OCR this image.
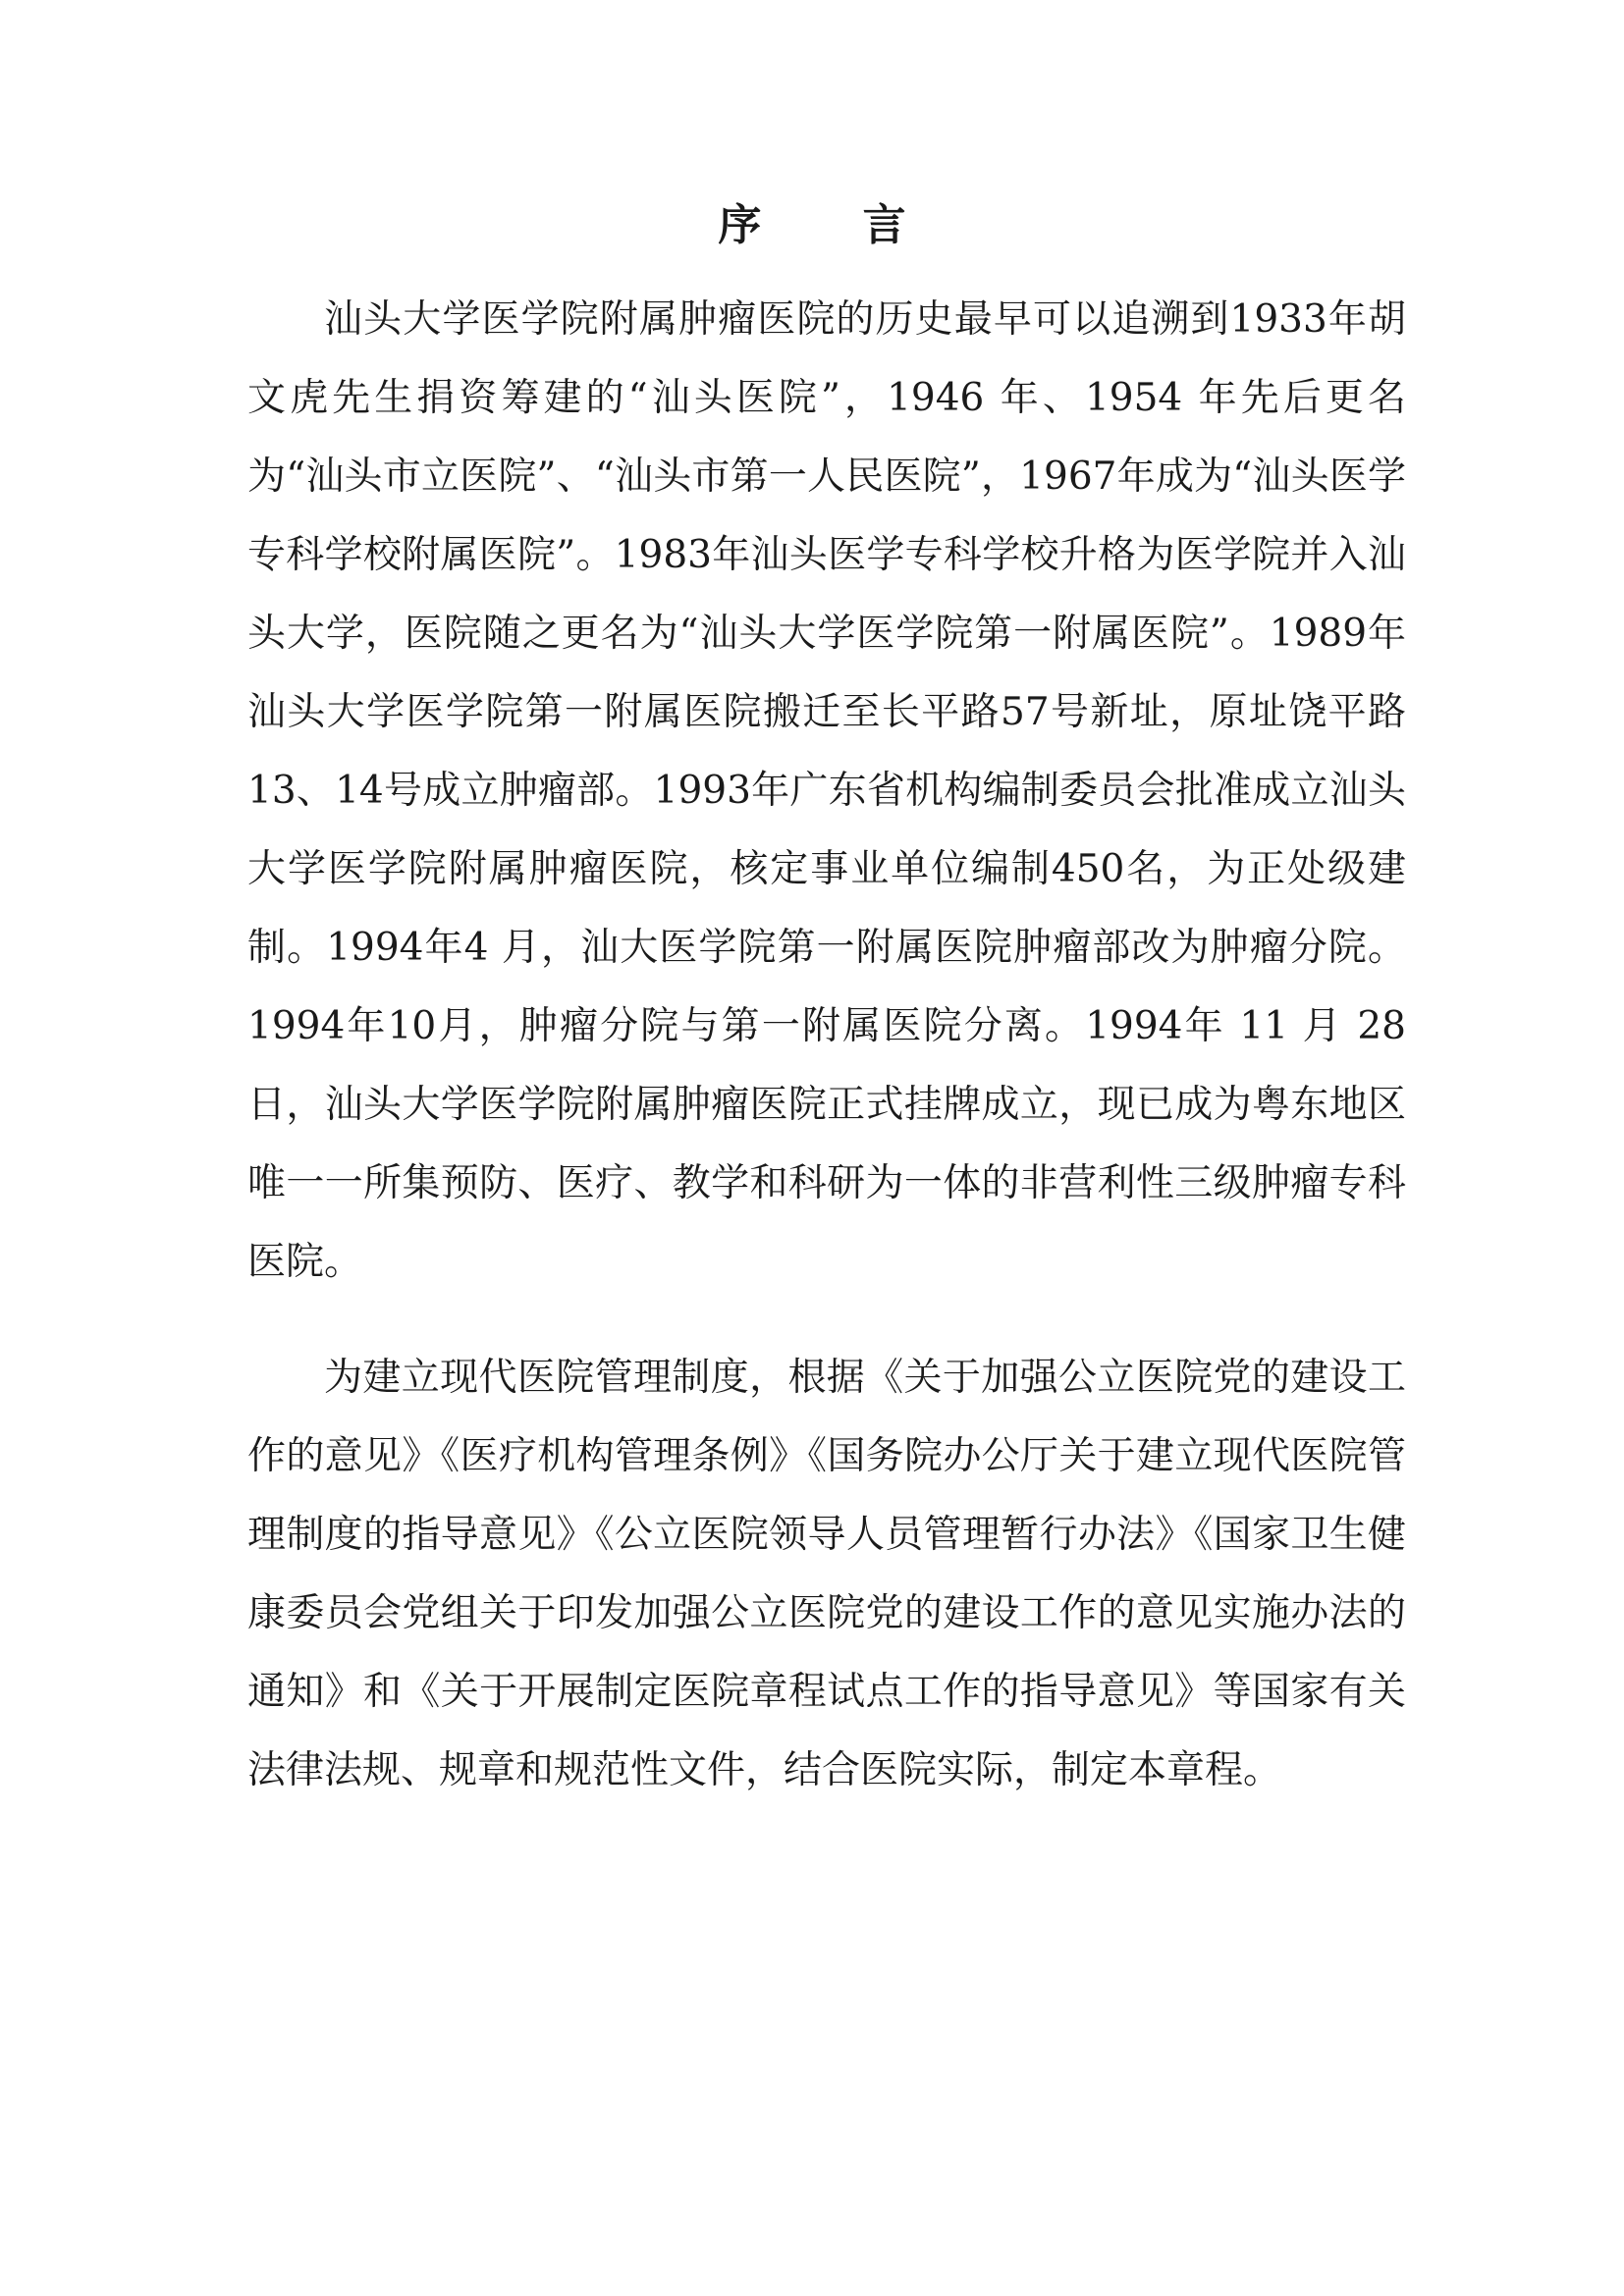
序 言

汕头大学医学院附属肿瘤医院的历史最早可以追溯到1933年胡文虎先生捐资筹建的“汕头医院”，1946 年、1954 年先后更名为“汕头市立医院”、“汕头市第一人民医院”，1967年成为“汕头医学专科学校附属医院”。1983年汕头医学专科学校升格为医学院并入汕头大学，医院随之更名为“汕头大学医学院第一附属医院”。1989年汕头大学医学院第一附属医院搬迁至长平路57号新址，原址饶平路13、14号成立肿瘤部。1993年广东省机构编制委员会批准成立汕头大学医学院附属肿瘤医院，核定事业单位编制450名，为正处级建制。1994年4 月，汕大医学院第一附属医院肿瘤部改为肿瘤分院。1994年10月，肿瘤分院与第一附属医院分离。1994年 11 月 28 日，汕头大学医学院附属肿瘤医院正式挂牌成立，现已成为粤东地区唯一一所集预防、医疗、教学和科研为一体的非营利性三级肿瘤专科医院。

为建立现代医院管理制度，根据《关于加强公立医院党的建设工作的意见》《医疗机构管理条例》《国务院办公厅关于建立现代医院管理制度的指导意见》《公立医院领导人员管理暂行办法》《国家卫生健康委员会党组关于印发加强公立医院党的建设工作的意见实施办法的通知》和《关于开展制定医院章程试点工作的指导意见》等国家有关法律法规、规章和规范性文件，结合医院实际，制定本章程。
